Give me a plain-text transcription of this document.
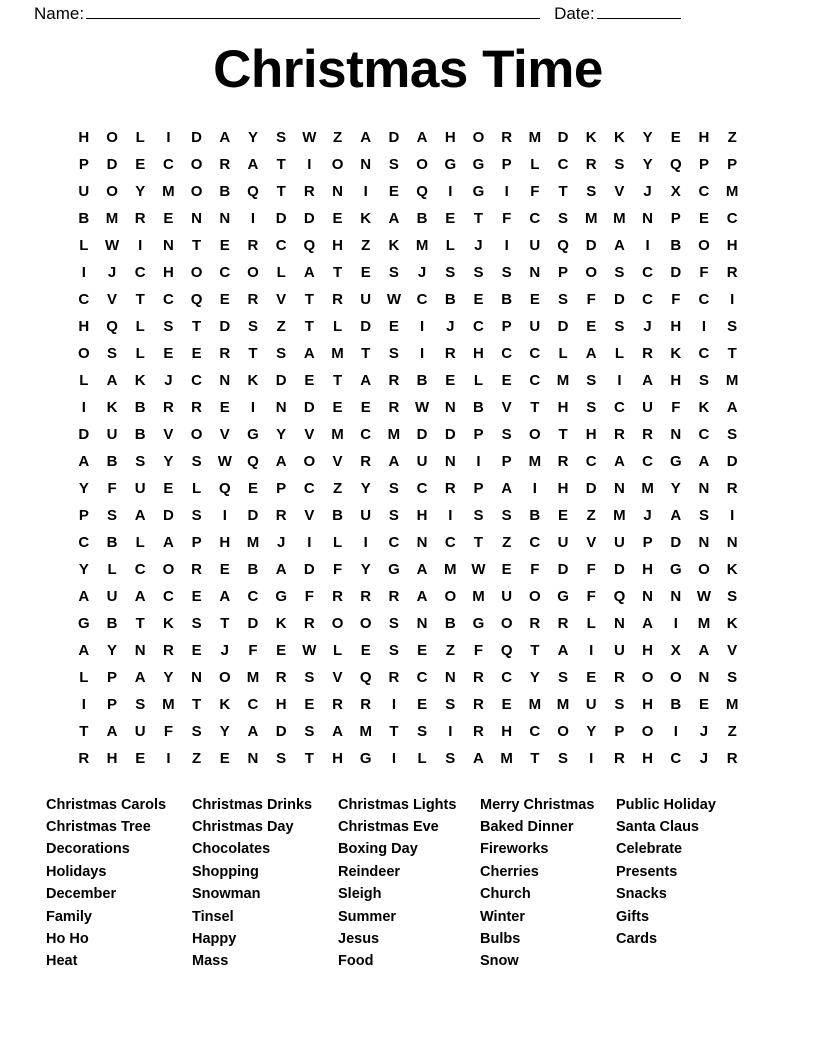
Name:	Date:
Christmas Time
H	O	L	I	D	A	Y	S	W	Z	A	D	A	H	O	R	M	D	K	K	Y	E	H	Z
P	D	E	C	O	R	A	T	I	O	N	S	O	G	G	P	L	C	R	S	Y	Q	P	P
U	O	Y	M	O	B	Q	T	R	N	I	E	Q	I	G	I	F	T	S	V	J	X	C	M
B	M	R	E	N	N	I	D	D	E	K	A	B	E	T	F	C	S	M	M	N	P	E	C
L	W	I	N	T	E	R	C	Q	H	Z	K	M	L	J	I	U	Q	D	A	I	B	O	H
I	J	C	H	O	C	O	L	A	T	E	S	J	S	S	S	N	P	O	S	C	D	F	R
C	V	T	C	Q	E	R	V	T	R	U	W	C	B	E	B	E	S	F	D	C	F	C	I
H	Q	L	S	T	D	S	Z	T	L	D	E	I	J	C	P	U	D	E	S	J	H	I	S
O	S	L	E	E	R	T	S	A	M	T	S	I	R	H	C	C	L	A	L	R	K	C	T
L	A	K	J	C	N	K	D	E	T	A	R	B	E	L	E	C	M	S	I	A	H	S	M
I	K	B	R	R	E	I	N	D	E	E	R	W	N	B	V	T	H	S	C	U	F	K	A
D	U	B	V	O	V	G	Y	V	M	C	M	D	D	P	S	O	T	H	R	R	N	C	S
A	B	S	Y	S	W	Q	A	O	V	R	A	U	N	I	P	M	R	C	A	C	G	A	D
Y	F	U	E	L	Q	E	P	C	Z	Y	S	C	R	P	A	I	H	D	N	M	Y	N	R
P	S	A	D	S	I	D	R	V	B	U	S	H	I	S	S	B	E	Z	M	J	A	S	I
C	B	L	A	P	H	M	J	I	L	I	C	N	C	T	Z	C	U	V	U	P	D	N	N
Y	L	C	O	R	E	B	A	D	F	Y	G	A	M	W	E	F	D	F	D	H	G	O	K
A	U	A	C	E	A	C	G	F	R	R	R	A	O	M	U	O	G	F	Q	N	N	W	S
G	B	T	K	S	T	D	K	R	O	O	S	N	B	G	O	R	R	L	N	A	I	M	K
A	Y	N	R	E	J	F	E	W	L	E	S	E	Z	F	Q	T	A	I	U	H	X	A	V
L	P	A	Y	N	O	M	R	S	V	Q	R	C	N	R	C	Y	S	E	R	O	O	N	S
I	P	S	M	T	K	C	H	E	R	R	I	E	S	R	E	M	M	U	S	H	B	E	M
T	A	U	F	S	Y	A	D	S	A	M	T	S	I	R	H	C	O	Y	P	O	I	J	Z
R	H	E	I	Z	E	N	S	T	H	G	I	L	S	A	M	T	S	I	R	H	C	J	R
Christmas Carols	Christmas Drinks	Christmas Lights	Merry Christmas	Public Holiday
Christmas Tree	Christmas Day	Christmas Eve	Baked Dinner	Santa Claus
Decorations	Chocolates	Boxing Day	Fireworks	Celebrate
Holidays	Shopping	Reindeer	Cherries	Presents
December	Snowman	Sleigh	Church	Snacks
Family	Tinsel	Summer	Winter	Gifts
Ho Ho	Happy	Jesus	Bulbs	Cards
Heat	Mass	Food	Snow
